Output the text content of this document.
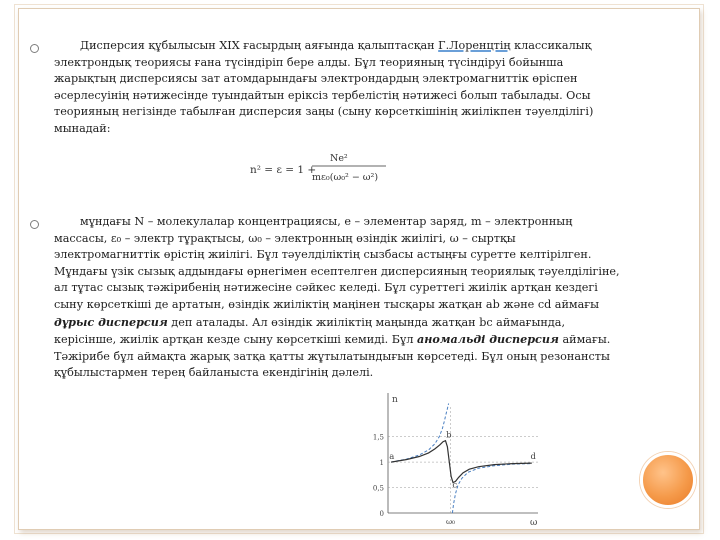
Дисперсия құбылысын XIX ғасырдың аяғында қалыптасқан Г.Лоренцтің классикалық электрондық теориясы ғана түсіндіріп бере алды. Бұл теорияның түсіндіруі бойынша жарықтың дисперсиясы зат атомдарындағы электрондардың электромагниттік өріспен әсерлесуінің нәтижесінде туындайтын еріксіз тербелістің нәтижесі болып табылады. Осы теорияның негізінде табылған дисперсия заңы (сыну көрсеткішінің жиілікпен тәуелділігі) мынадай:

n² = ε = 1 +
Ne²
mε₀(ω₀² − ω²)

мұндағы N – молекулалар концентрациясы, e – элементар заряд, m – электронның массасы, ε₀ – электр тұрақтысы, ω₀ – электронның өзіндік жиілігі, ω – сыртқы электромагниттік өрістің жиілігі. Бұл тәуелділіктің сызбасы астыңғы суретте келтірілген. Мұндағы үзік сызық аддындағы өрнегімен есептелген дисперсияның теориялық тәуелділігіне, ал тұтас сызық тәжірибенің нәтижесіне сәйкес келеді. Бұл суреттегі жиілік артқан кездегі сыну көрсеткіші де артатын, өзіндік жиіліктің маңінен тысқары жатқан ab және cd аймағы дұрыс дисперсия деп аталады. Ал өзіндік жиіліктің маңында жатқан bc аймағында, керісінше, жиілік артқан кезде сыну көрсеткіші кемиді. Бұл аномальді дисперсия аймағы. Тәжірибе бұл аймақта жарық затқа қатты жұтылатындығын көрсетеді. Бұл оның резонансты құбылыстармен терең байланыста екендігінің дәлелі.

n
ω
1,5
1
0,5
0
ω₀
a
b
c
d
